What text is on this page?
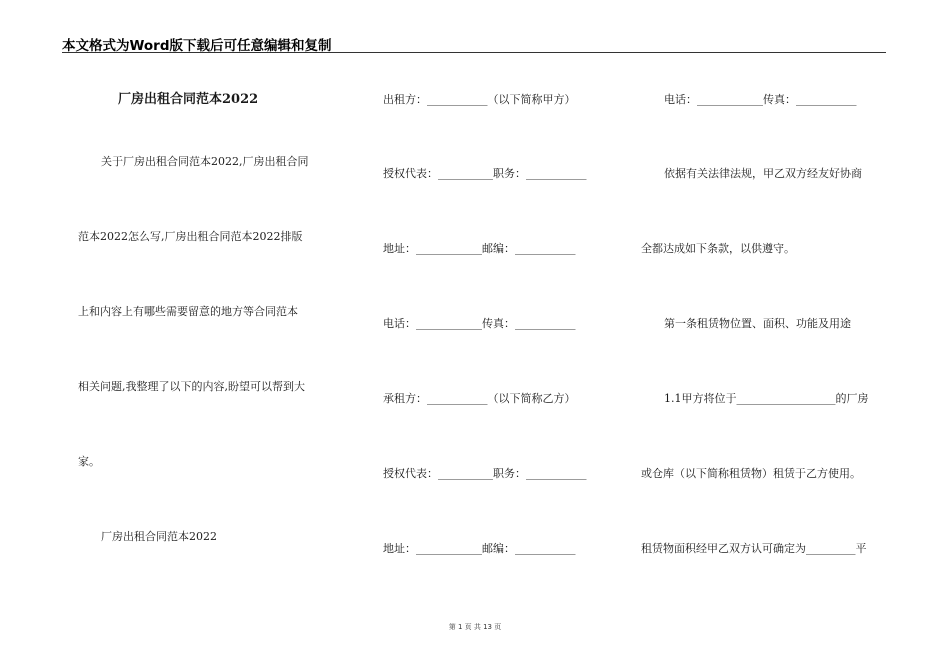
本文格式为Word版下载后可任意编辑和复制
厂房出租合同范本2022
关于厂房出租合同范本2022,厂房出租合同
范本2022怎么写,厂房出租合同范本2022排版
上和内容上有哪些需要留意的地方等合同范本
相关问题,我整理了以下的内容,盼望可以帮到大
家。
厂房出租合同范本2022
出租方：___________（以下简称甲方）
授权代表：__________职务：___________
地址：____________邮编：___________
电话：____________传真：___________
承租方：___________（以下简称乙方）
授权代表：__________职务：___________
地址：____________邮编：___________
电话：____________传真：___________
依据有关法律法规，甲乙双方经友好协商
全都达成如下条款，以供遵守。
第一条租赁物位置、面积、功能及用途
1.1甲方将位于__________________的厂房
或仓库（以下简称租赁物）租赁于乙方使用。
租赁物面积经甲乙双方认可确定为_________平
第 1 页 共 13 页
